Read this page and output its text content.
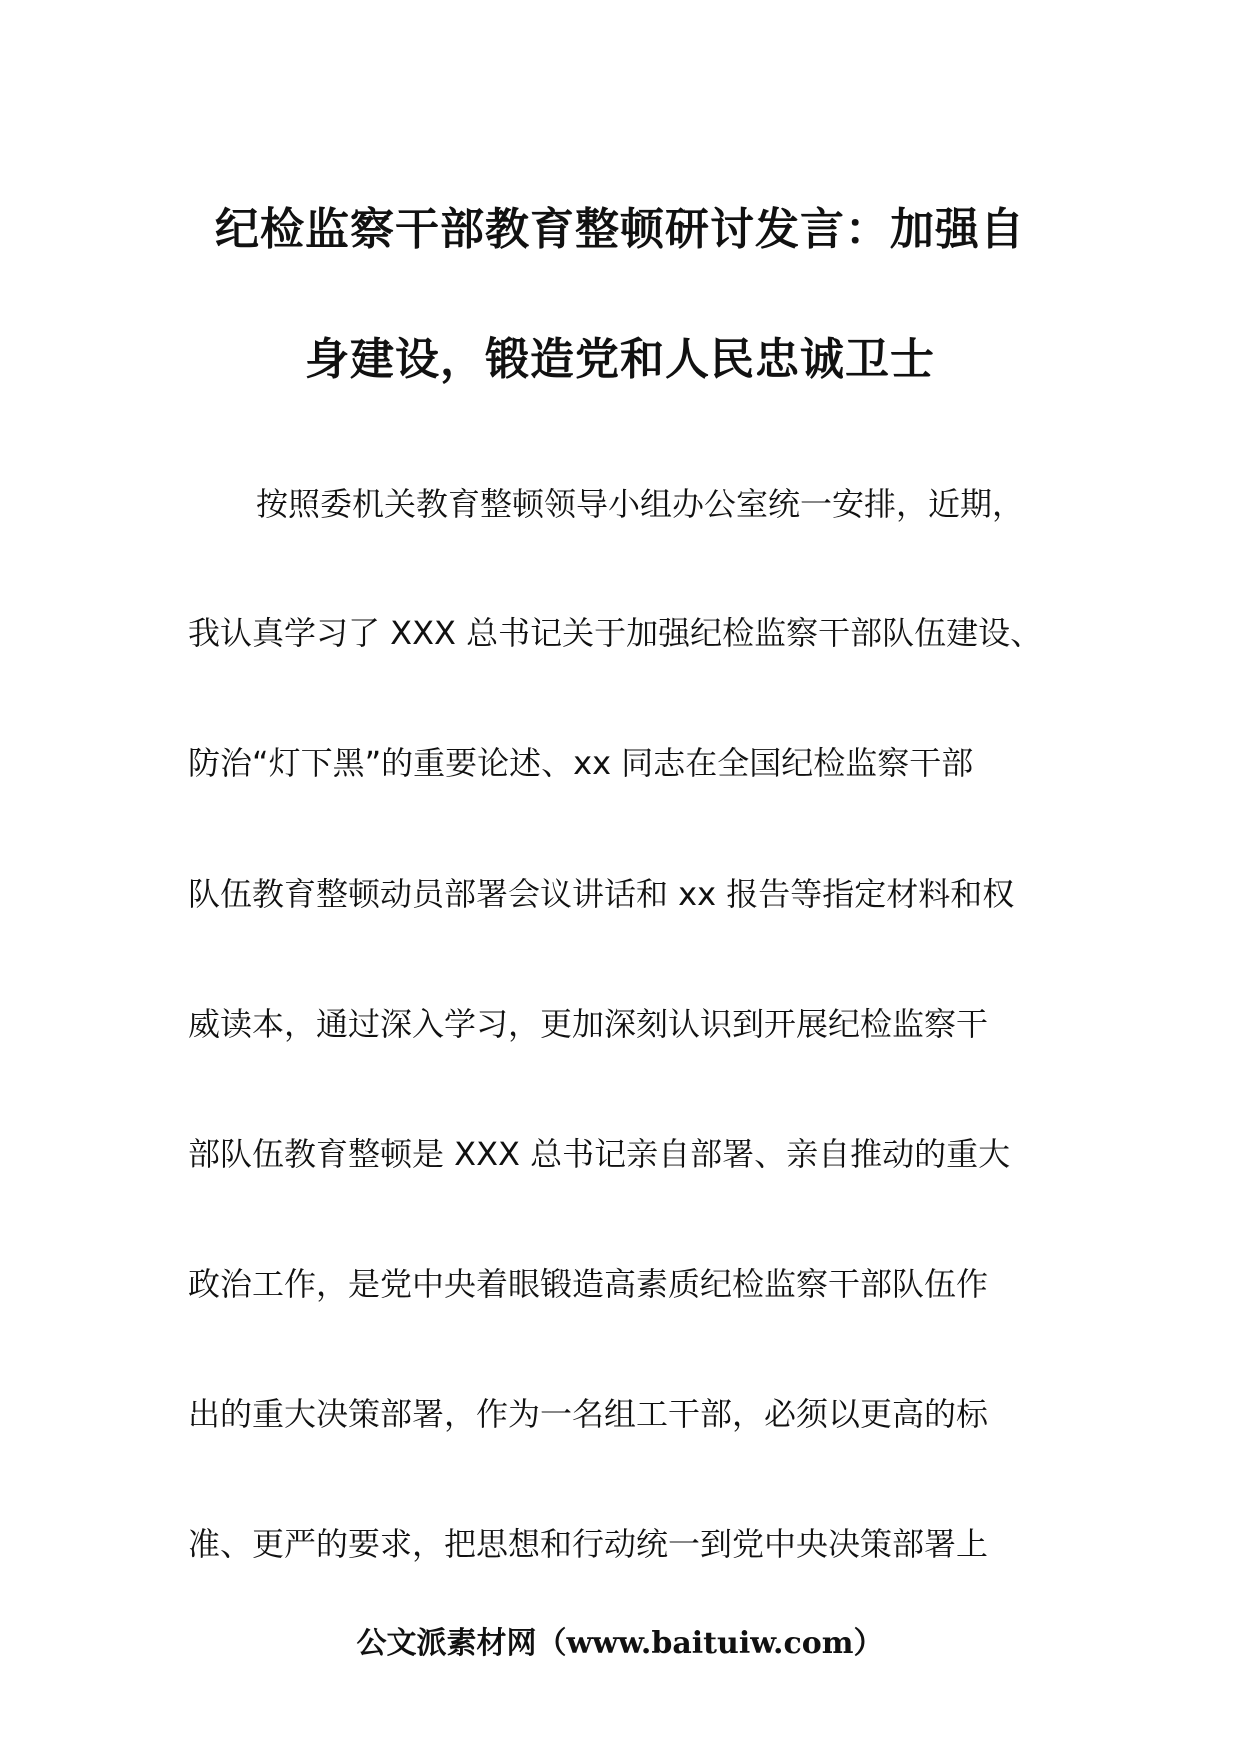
纪检监察干部教育整顿研讨发言：加强自
身建设，锻造党和人民忠诚卫士
按照委机关教育整顿领导小组办公室统一安排，近期，
我认真学习了 XXX 总书记关于加强纪检监察干部队伍建设、
防治“灯下黑”的重要论述、xx 同志在全国纪检监察干部
队伍教育整顿动员部署会议讲话和 xx 报告等指定材料和权
威读本，通过深入学习，更加深刻认识到开展纪检监察干
部队伍教育整顿是 XXX 总书记亲自部署、亲自推动的重大
政治工作，是党中央着眼锻造高素质纪检监察干部队伍作
出的重大决策部署，作为一名组工干部，必须以更高的标
准、更严的要求，把思想和行动统一到党中央决策部署上
公文派素材网（www.baituiw.com）
